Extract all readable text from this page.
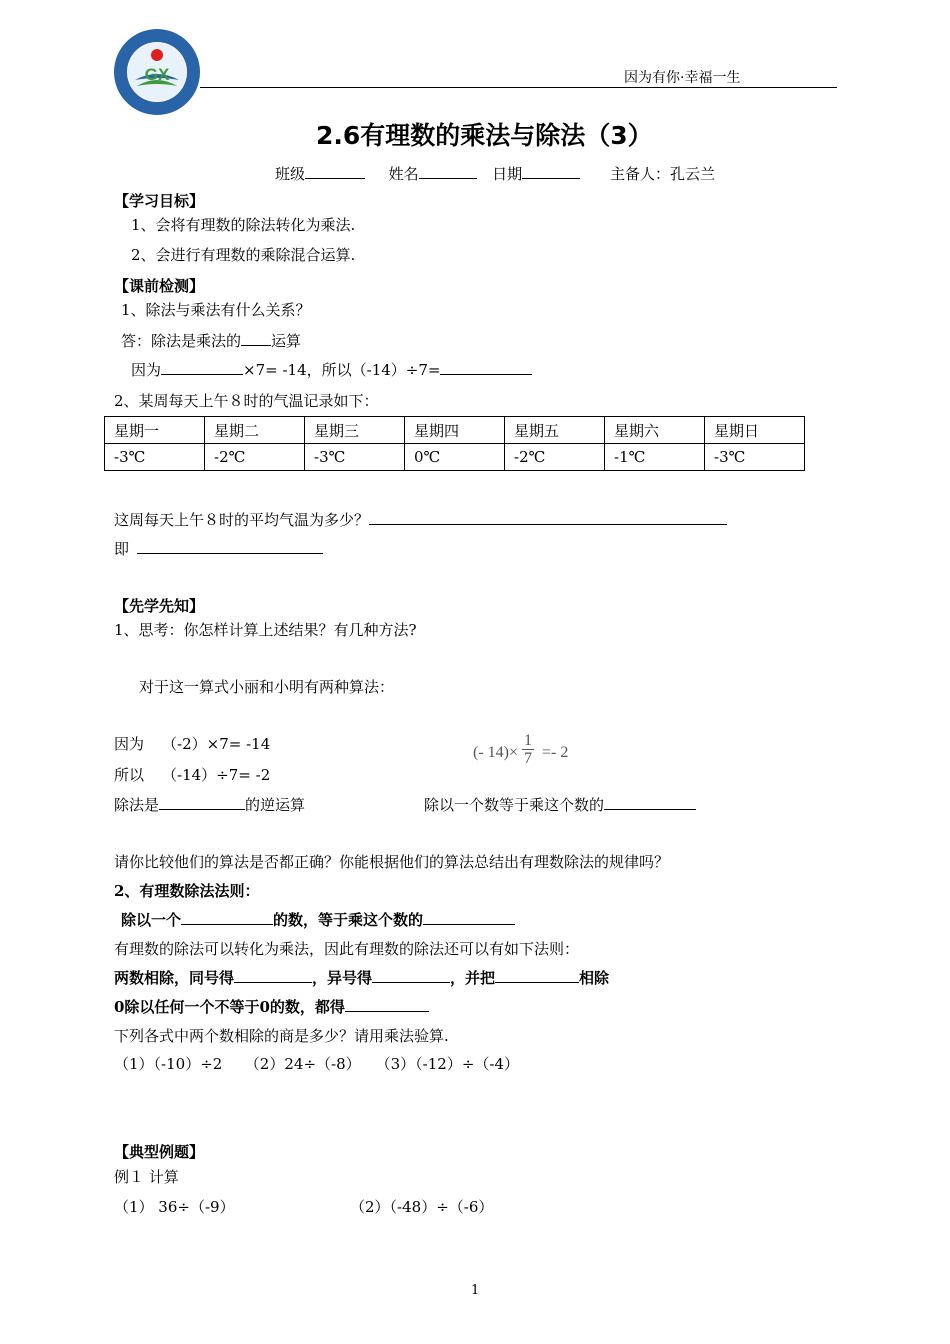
GX	因为有你·幸福一生
2.6有理数的乘法与除法（3）
班级	姓名	日期	主备人：孔云兰
【学习目标】
1、会将有理数的除法转化为乘法.
2、会进行有理数的乘除混合运算.
【课前检测】
1、除法与乘法有什么关系？
答：除法是乘法的 运算
因为	×7= -14，所以（-14）÷7=
2、某周每天上午８时的气温记录如下：
星期一	星期二	星期三	星期四	星期五	星期六	星期日
-3℃	-2℃	-3℃	0℃	-2℃	-1℃	-3℃
这周每天上午８时的平均气温为多少？
即
【先学先知】
1、思考：你怎样计算上述结果？有几种方法?
对于这一算式小丽和小明有两种算法：
因为 （-2）×7= -14
所以 （-14）÷7= -2
除法是	的逆运算
(- $14)\times \frac{1}{7} =- 2$
除以一个数等于乘这个数的
请你比较他们的算法是否都正确？你能根据他们的算法总结出有理数除法的规律吗？
2、有理数除法法则：
除以一个	的数，等于乘这个数的
有理数的除法可以转化为乘法，因此有理数的除法还可以有如下法则：
两数相除，同号得	，异号得	，并把	相除
0除以任何一个不等于0的数，都得
下列各式中两个数相除的商是多少？请用乘法验算.
（1）（-10）÷2　　（2）24÷（-8）　　（3）（-12）÷（-4）
【典型例题】
例１ 计算
（1） 36÷（-9）	（2）（-48）÷（-6）
1
